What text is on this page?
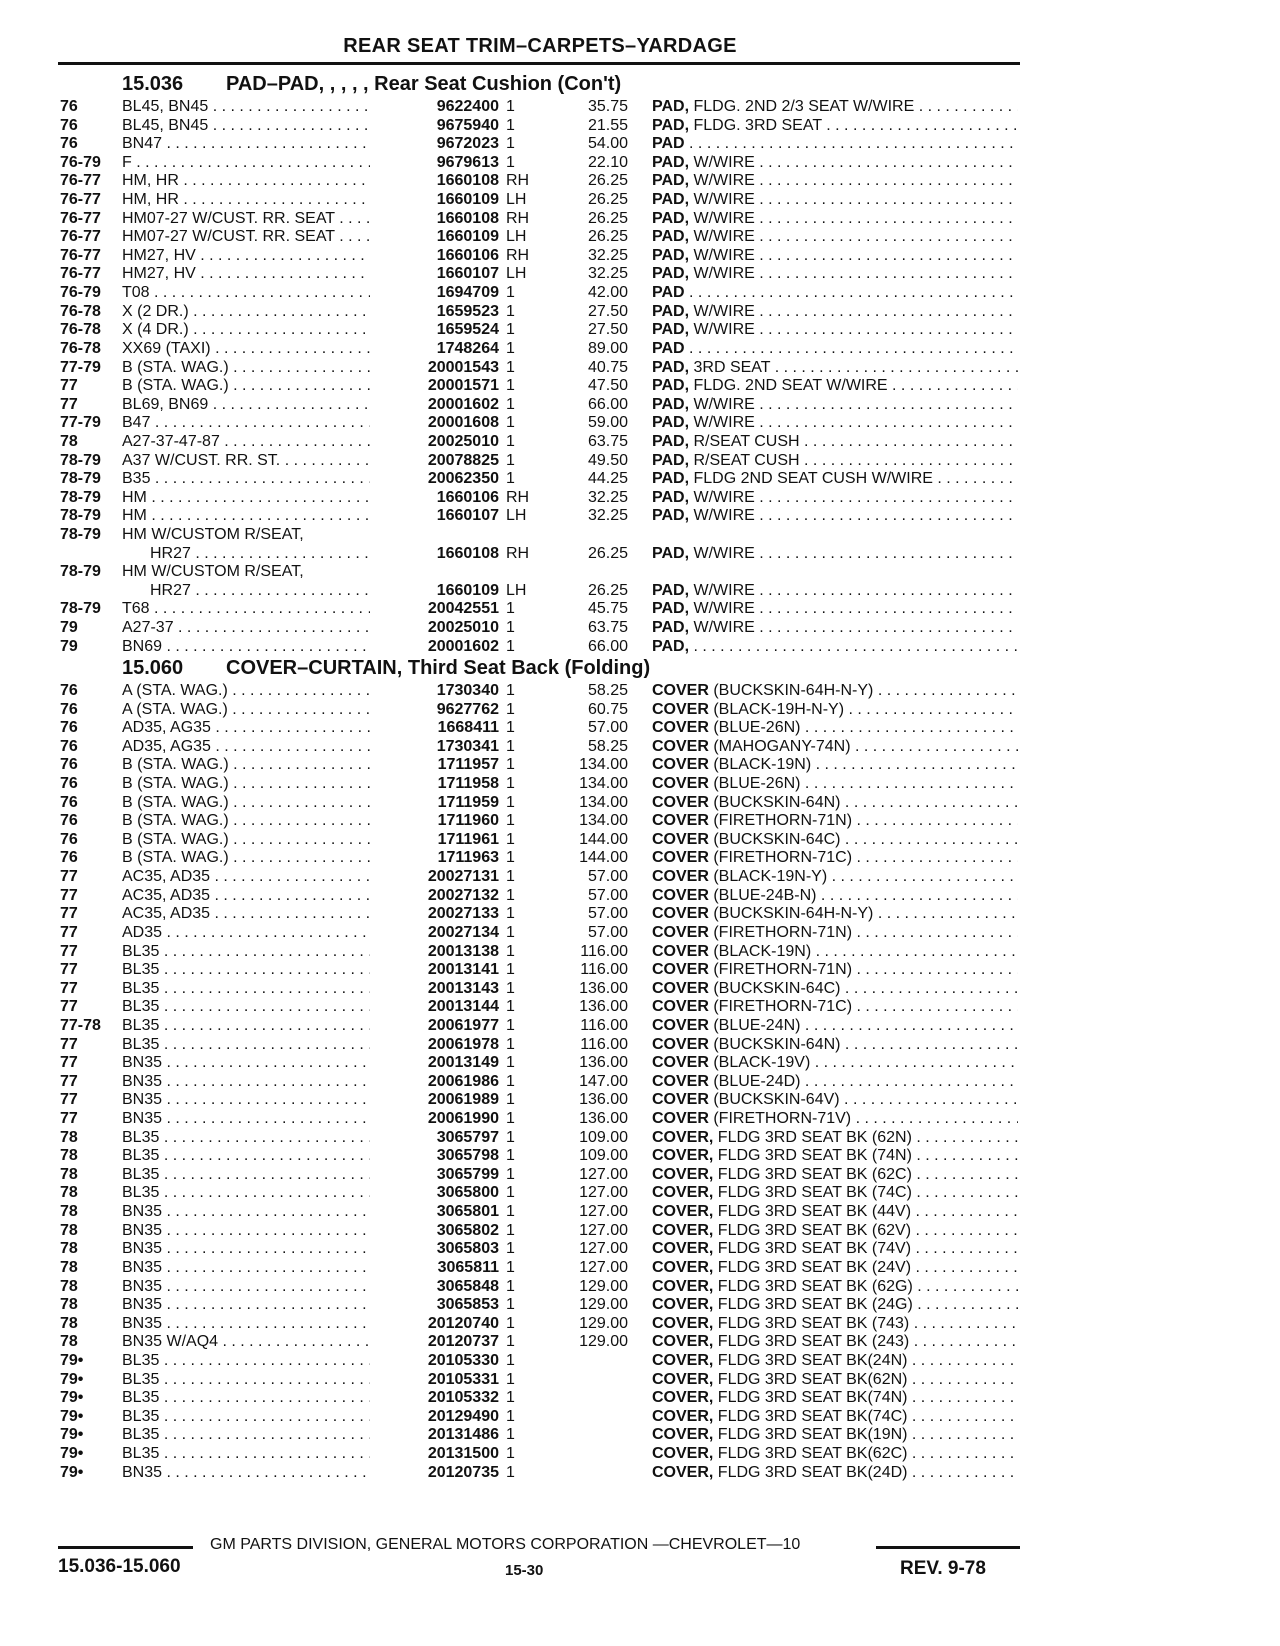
REAR SEAT TRIM–CARPETS–YARDAGE
15.036 PAD–PAD, , , , , Rear Seat Cushion (Con't)
76	BL45, BN45 . . .	9622400 1	35.75 PAD, FLDG. 2ND 2/3 SEAT W/WIRE . . .
76	BL45, BN45 . . .	9675940 1	21.55 PAD, FLDG. 3RD SEAT . . .
76	BN47 . . .	9672023 1	54.00 PAD . . .
76-79 F . . .	9679613 1	22.10 PAD, W/WIRE . . .
76-77 HM, HR . . .	1660108 RH	26.25 PAD, W/WIRE . . .
76-77 HM, HR . . .	1660109 LH	26.25 PAD, W/WIRE . . .
76-77 HM07-27 W/CUST. RR. SEAT . . .	1660108 RH	26.25 PAD, W/WIRE . . .
76-77 HM07-27 W/CUST. RR. SEAT . . .	1660109 LH	26.25 PAD, W/WIRE . . .
76-77 HM27, HV . . .	1660106 RH	32.25 PAD, W/WIRE . . .
76-77 HM27, HV . . .	1660107 LH	32.25 PAD, W/WIRE . . .
76-79 T08 . . .	1694709 1	42.00 PAD . . .
76-78 X (2 DR.) . . .	1659523 1	27.50 PAD, W/WIRE . . .
76-78 X (4 DR.) . . .	1659524 1	27.50 PAD, W/WIRE . . .
76-78 XX69 (TAXI) . . .	1748264 1	89.00 PAD . . .
77-79 B (STA. WAG.) . . .	20001543 1	40.75 PAD, 3RD SEAT . . .
77	B (STA. WAG.) . . .	20001571 1	47.50 PAD, FLDG. 2ND SEAT W/WIRE . . .
77	BL69, BN69 . . .	20001602 1	66.00 PAD, W/WIRE . . .
77-79 B47 . . .	20001608 1	59.00 PAD, W/WIRE . . .
78	A27-37-47-87 . . .	20025010 1	63.75 PAD, R/SEAT CUSH . . .
78-79 A37 W/CUST. RR. ST. . . .	20078825 1	49.50 PAD, R/SEAT CUSH . . .
78-79 B35 . . .	20062350 1	44.25 PAD, FLDG 2ND SEAT CUSH W/WIRE . . .
78-79 HM . . .	1660106 RH	32.25 PAD, W/WIRE . . .
78-79 HM . . .	1660107 LH	32.25 PAD, W/WIRE . . .
78-79 HM W/CUSTOM R/SEAT,
HR27 . . .	1660108 RH	26.25 PAD, W/WIRE . . .
78-79 HM W/CUSTOM R/SEAT,
HR27 . . .	1660109 LH	26.25 PAD, W/WIRE . . .
78-79 T68 . . .	20042551 1	45.75 PAD, W/WIRE . . .
79	A27-37 . . .	20025010 1	63.75 PAD, W/WIRE . . .
79	BN69 . . .	20001602 1	66.00 PAD, . . .
15.060 COVER–CURTAIN, Third Seat Back (Folding)
76	A (STA. WAG.) . . .	1730340 1	58.25 COVER (BUCKSKIN-64H-N-Y) . . .
76	A (STA. WAG.) . . .	9627762 1	60.75 COVER (BLACK-19H-N-Y) . . .
76	AD35, AG35 . . .	1668411 1	57.00 COVER (BLUE-26N) . . .
76	AD35, AG35 . . .	1730341 1	58.25 COVER (MAHOGANY-74N) . . .
76	B (STA. WAG.) . . .	1711957 1	134.00 COVER (BLACK-19N) . . .
76	B (STA. WAG.) . . .	1711958 1	134.00 COVER (BLUE-26N) . . .
76	B (STA. WAG.) . . .	1711959 1	134.00 COVER (BUCKSKIN-64N) . . .
76	B (STA. WAG.) . . .	1711960 1	134.00 COVER (FIRETHORN-71N) . . .
76	B (STA. WAG.) . . .	1711961 1	144.00 COVER (BUCKSKIN-64C) . . .
76	B (STA. WAG.) . . .	1711963 1	144.00 COVER (FIRETHORN-71C) . . .
77	AC35, AD35 . . .	20027131 1	57.00 COVER (BLACK-19N-Y) . . .
77	AC35, AD35 . . .	20027132 1	57.00 COVER (BLUE-24B-N) . . .
77	AC35, AD35 . . .	20027133 1	57.00 COVER (BUCKSKIN-64H-N-Y) . . .
77	AD35 . . .	20027134 1	57.00 COVER (FIRETHORN-71N) . . .
77	BL35 . . .	20013138 1	116.00 COVER (BLACK-19N) . . .
77	BL35 . . .	20013141 1	116.00 COVER (FIRETHORN-71N) . . .
77	BL35 . . .	20013143 1	136.00 COVER (BUCKSKIN-64C) . . .
77	BL35 . . .	20013144 1	136.00 COVER (FIRETHORN-71C) . . .
77-78 BL35 . . .	20061977 1	116.00 COVER (BLUE-24N) . . .
77	BL35 . . .	20061978 1	116.00 COVER (BUCKSKIN-64N) . . .
77	BN35 . . .	20013149 1	136.00 COVER (BLACK-19V) . . .
77	BN35 . . .	20061986 1	147.00 COVER (BLUE-24D) . . .
77	BN35 . . .	20061989 1	136.00 COVER (BUCKSKIN-64V) . . .
77	BN35 . . .	20061990 1	136.00 COVER (FIRETHORN-71V) . . .
78	BL35 . . .	3065797 1	109.00 COVER, FLDG 3RD SEAT BK (62N) . . .
78	BL35 . . .	3065798 1	109.00 COVER, FLDG 3RD SEAT BK (74N) . . .
78	BL35 . . .	3065799 1	127.00 COVER, FLDG 3RD SEAT BK (62C) . . .
78	BL35 . . .	3065800 1	127.00 COVER, FLDG 3RD SEAT BK (74C) . . .
78	BN35 . . .	3065801 1	127.00 COVER, FLDG 3RD SEAT BK (44V) . . .
78	BN35 . . .	3065802 1	127.00 COVER, FLDG 3RD SEAT BK (62V) . . .
78	BN35 . . .	3065803 1	127.00 COVER, FLDG 3RD SEAT BK (74V) . . .
78	BN35 . . .	3065811 1	127.00 COVER, FLDG 3RD SEAT BK (24V) . . .
78	BN35 . . .	3065848 1	129.00 COVER, FLDG 3RD SEAT BK (62G) . . .
78	BN35 . . .	3065853 1	129.00 COVER, FLDG 3RD SEAT BK (24G) . . .
78	BN35 . . .	20120740 1	129.00 COVER, FLDG 3RD SEAT BK (743) . . .
78	BN35 W/AQ4 . . .	20120737 1	129.00 COVER, FLDG 3RD SEAT BK (243) . . .
79• BL35 . . .	20105330 1	COVER, FLDG 3RD SEAT BK(24N) . . .
79• BL35 . . .	20105331 1	COVER, FLDG 3RD SEAT BK(62N) . . .
79• BL35 . . .	20105332 1	COVER, FLDG 3RD SEAT BK(74N) . . .
79• BL35 . . .	20129490 1	COVER, FLDG 3RD SEAT BK(74C) . . .
79• BL35 . . .	20131486 1	COVER, FLDG 3RD SEAT BK(19N) . . .
79• BL35 . . .	20131500 1	COVER, FLDG 3RD SEAT BK(62C) . . .
79• BN35 . . .	20120735 1	COVER, FLDG 3RD SEAT BK(24D) . . .
GM PARTS DIVISION, GENERAL MOTORS CORPORATION —CHEVROLET—10
15.036-15.060	15-30	REV. 9-78
